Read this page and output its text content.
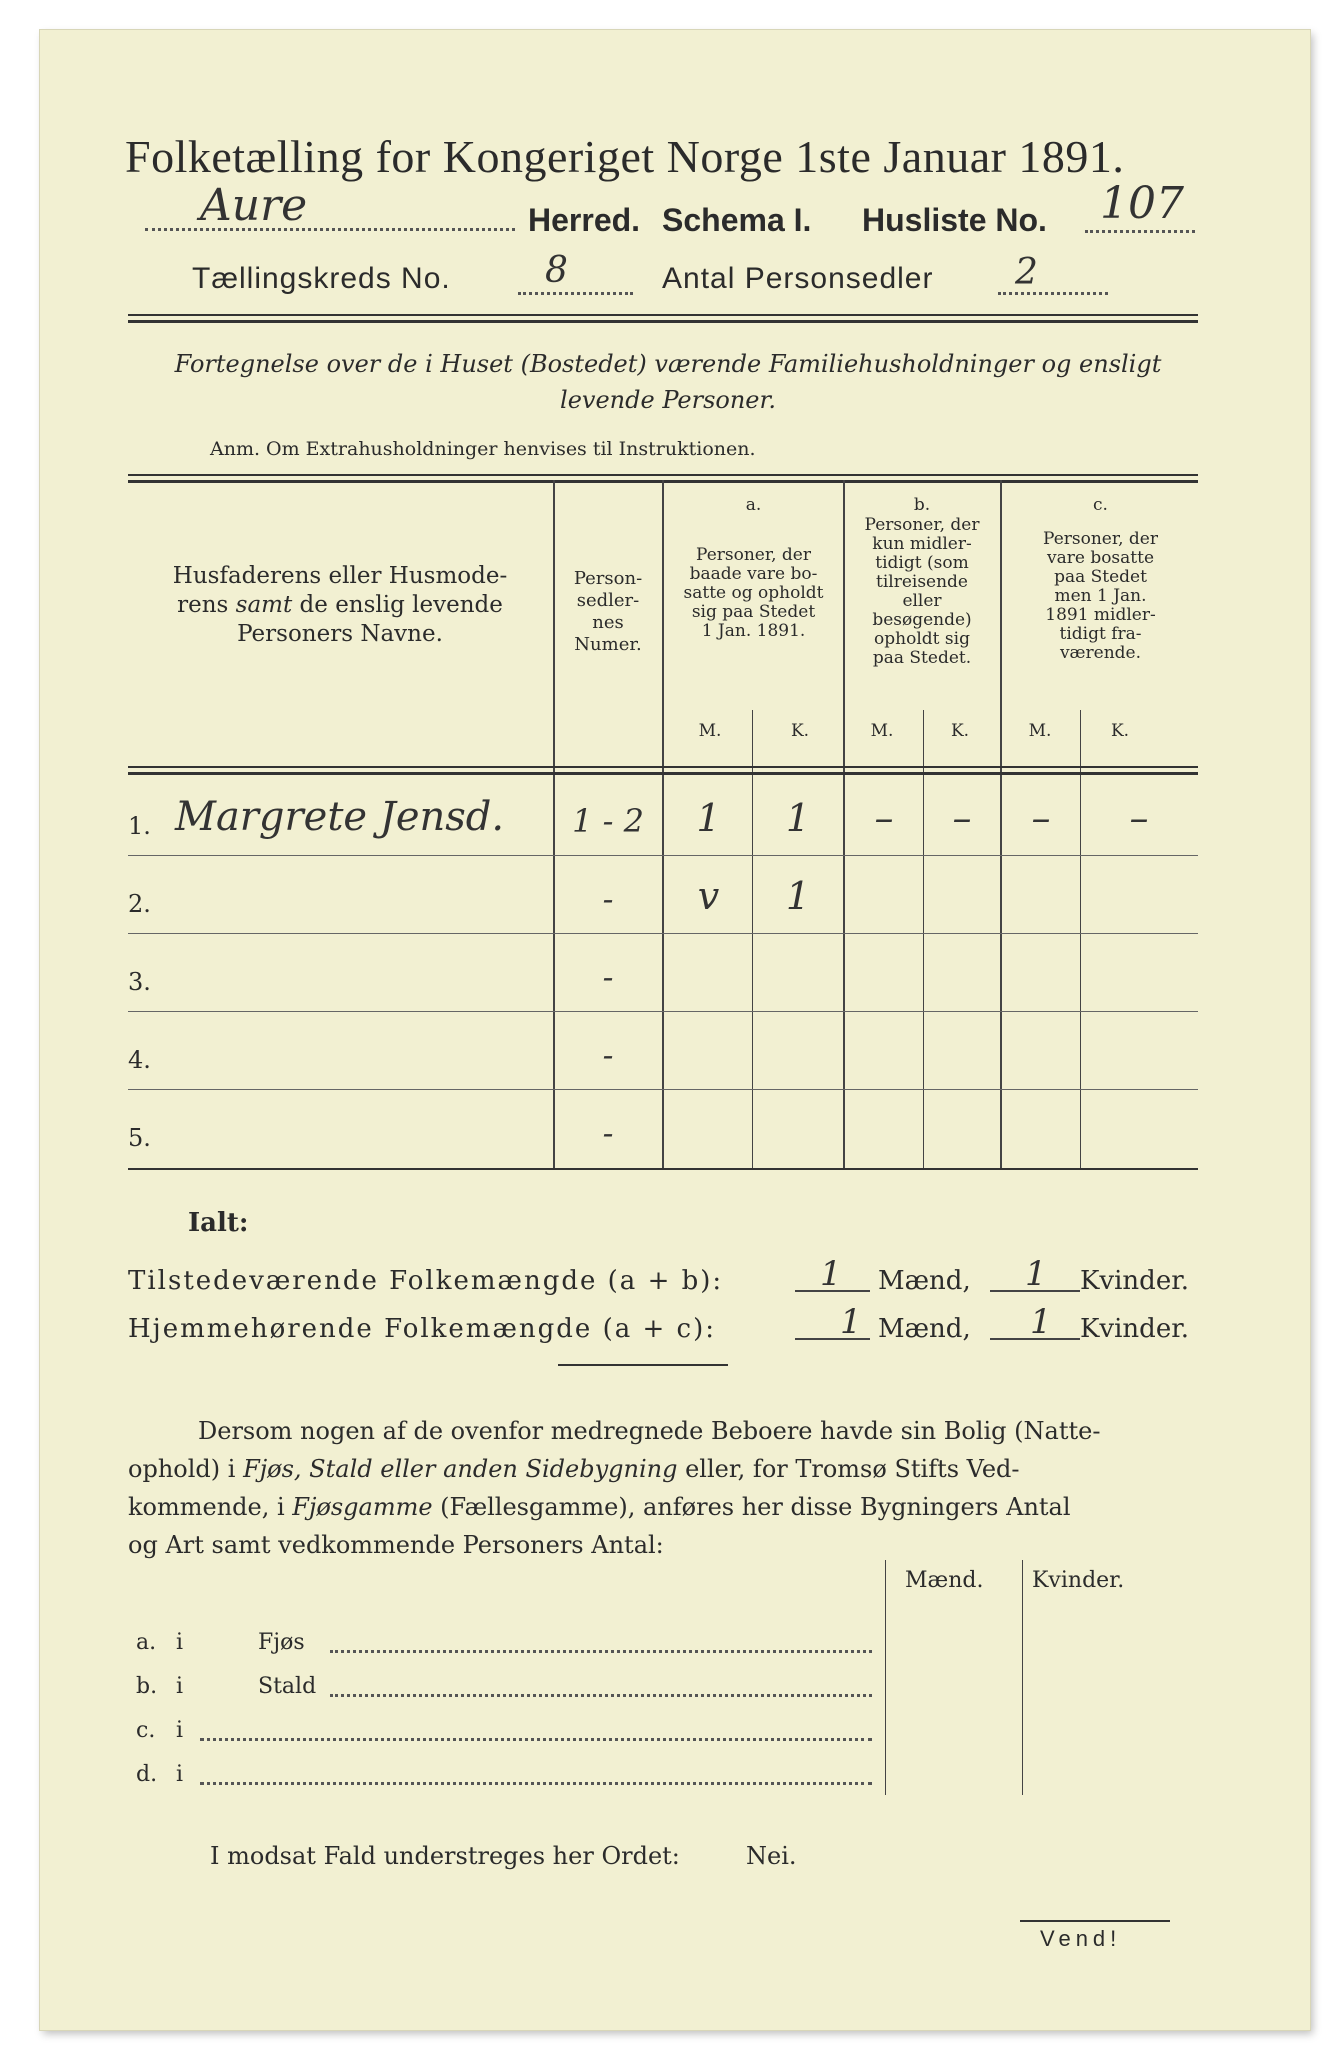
Folketælling for Kongeriget Norge 1ste Januar 1891.
Aure	Herred. Schema I. Husliste No. 107
Tællingskreds No.	8	Antal Personsedler 2
Fortegnelse over de i Huset (Bostedet) værende Familiehusholdninger og ensligt
levende Personer.
Anm. Om Extrahusholdninger henvises til Instruktionen.
Husfaderens eller Husmode-
rens samt de enslig levende
Personers Navne.
Person-
sedler-
nes
Numer.
a.
Personer, der
baade vare bo-
satte og opholdt
sig paa Stedet
1 Jan. 1891.
b.
Personer, der
kun midler-
tidigt (som
tilreisende
eller
besøgende)
opholdt sig
paa Stedet.
c.
Personer, der
vare bosatte
paa Stedet
men 1 Jan.
1891 midler-
tidigt fra-
værende.
M.	K.	M.	K.	M.	K.
1. Margrete Jensd.	1 - 2	1	1	–	–	–	–
2.	-	v	1
3.	-
4.	-
5.	-
Ialt:
Tilstedeværende Folkemængde (a + b):	1 Mænd, 1 Kvinder.
Hjemmehørende Folkemængde (a + c):	1 Mænd, 1 Kvinder.
Dersom nogen af de ovenfor medregnede Beboere havde sin Bolig (Natte-
ophold) i Fjøs, Stald eller anden Sidebygning eller, for Tromsø Stifts Ved-
kommende, i Fjøsgamme (Fællesgamme), anføres her disse Bygningers Antal
og Art samt vedkommende Personers Antal:
Mænd. Kvinder.
a. i	Fjøs
b. i	Stald
c. i
d. i
I modsat Fald understreges her Ordet:	Nei.
Vend!
